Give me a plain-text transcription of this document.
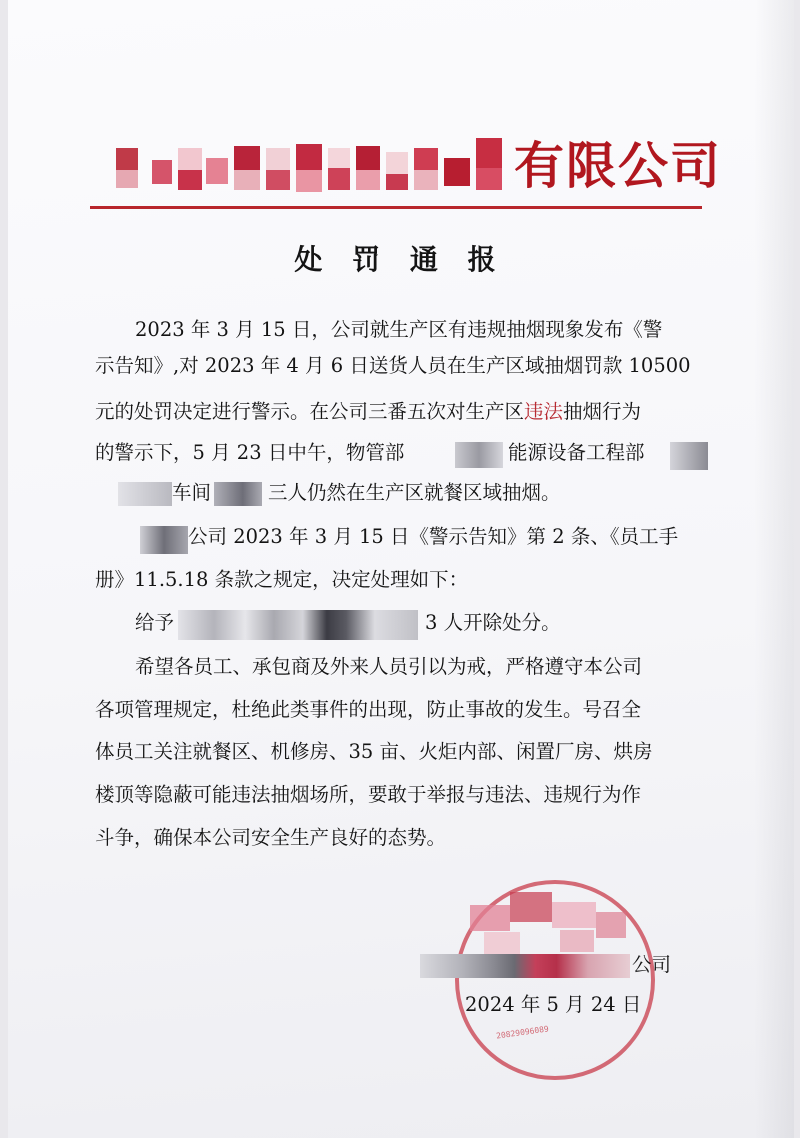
有限公司
处 罚 通 报
2023 年 3 月 15 日，公司就生产区有违规抽烟现象发布《警
示告知》,对 2023 年 4 月 6 日送货人员在生产区域抽烟罚款 10500
元的处罚决定进行警示。在公司三番五次对生产区违法抽烟行为
的警示下，5 月 23 日中午，物管部	能源设备工程部
车间	三人仍然在生产区就餐区域抽烟。
公司 2023 年 3 月 15 日《警示告知》第 2 条、《员工手
册》11.5.18 条款之规定，决定处理如下：
给予	3 人开除处分。
希望各员工、承包商及外来人员引以为戒，严格遵守本公司
各项管理规定，杜绝此类事件的出现，防止事故的发生。号召全
体员工关注就餐区、机修房、35 亩、火炬内部、闲置厂房、烘房
楼顶等隐蔽可能违法抽烟场所，要敢于举报与违法、违规行为作
斗争，确保本公司安全生产良好的态势。
公司
2024 年 5 月 24 日
20829096089
